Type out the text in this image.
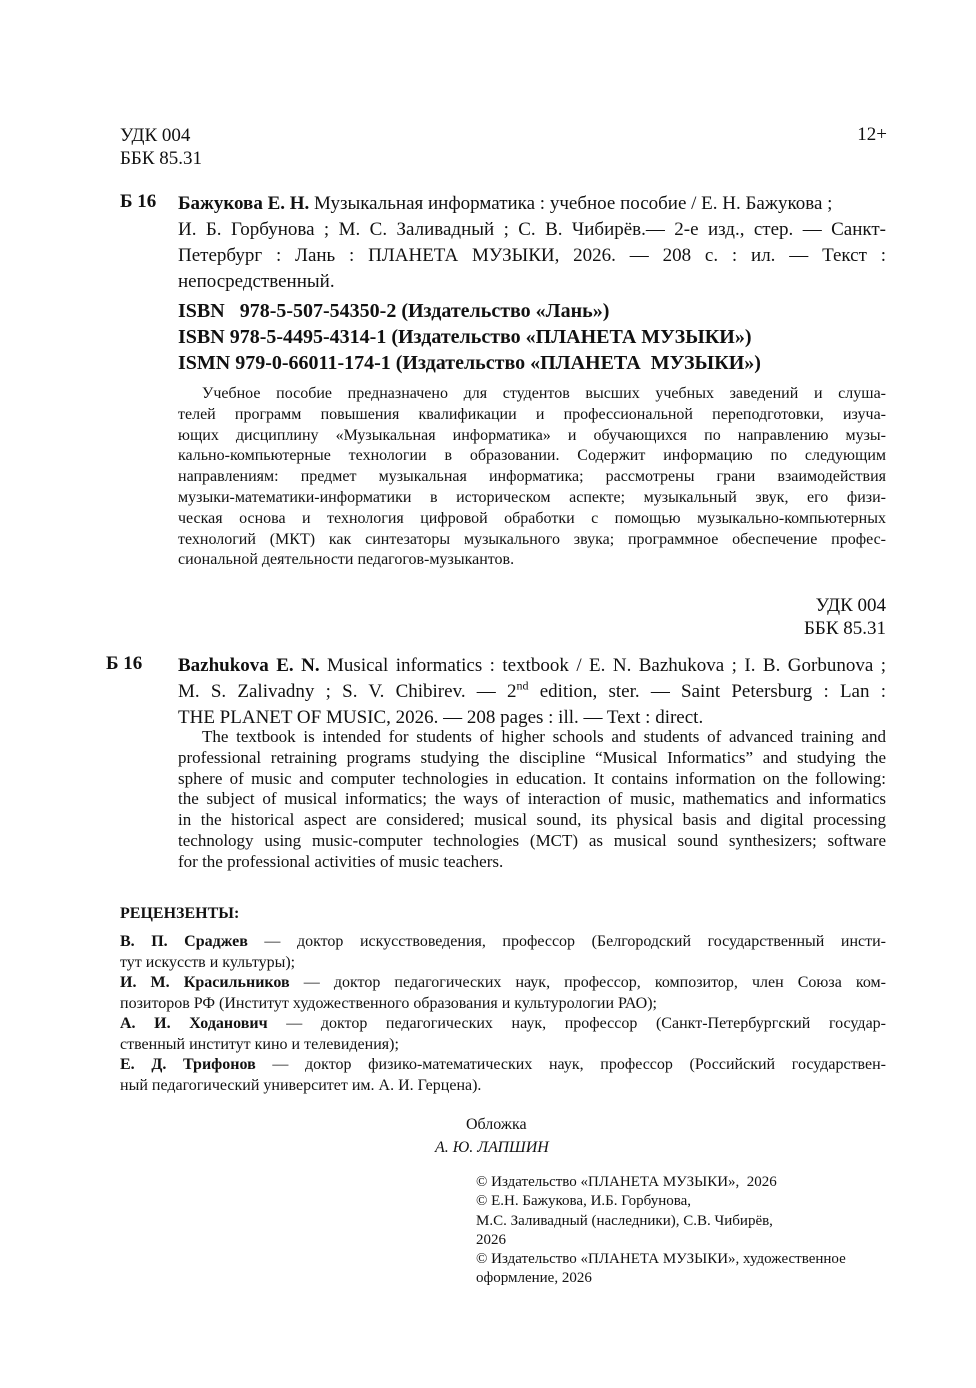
УДК 004
ББК 85.31
12+
Б 16 Бажукова Е. Н. Музыкальная информатика : учебное пособие / Е. Н. Бажукова ;
И. Б. Горбунова ; М. С. Заливадный ; С. В. Чибирёв.— 2-е изд., стер. — Санкт-
Петербург : Лань : ПЛАНЕТА МУЗЫКИ, 2026. — 208 с. : ил. — Текст :
непосредственный.
ISBN   978-5-507-54350-2 (Издательство «Лань»)
ISBN 978-5-4495-4314-1 (Издательство «ПЛАНЕТА МУЗЫКИ»)
ISMN 979-0-66011-174-1 (Издательство «ПЛАНЕТА  МУЗЫКИ»)
Учебное пособие предназначено для студентов высших учебных заведений и слуша-
телей программ повышения квалификации и профессиональной переподготовки, изуча-
ющих дисциплину «Музыкальная информатика» и обучающихся по направлению музы-
кально-компьютерные технологии в образовании. Содержит информацию по следующим
направлениям: предмет музыкальная информатика; рассмотрены грани взаимодействия
музыки-математики-информатики в историческом аспекте; музыкальный звук, его физи-
ческая основа и технология цифровой обработки с помощью музыкально-компьютерных
технологий (МКТ) как синтезаторы музыкального звука; программное обеспечение профес-
сиональной деятельности педагогов-музыкантов.
УДК 004
ББК 85.31
Б 16 Bazhukova E. N. Musical informatics : textbook / E. N. Bazhukova ; I. B. Gorbunova ;
M. S. Zalivadny ; S. V. Chibirev. — 2nd edition, ster. — Saint Petersburg : Lan :
THE PLANET OF MUSIC, 2026. — 208 pages : ill. — Text : direct.
The textbook is intended for students of higher schools and students of advanced training and
professional retraining programs studying the discipline “Musical Informatics” and studying the
sphere of music and computer technologies in education. It contains information on the following:
the subject of musical informatics; the ways of interaction of music, mathematics and informatics
in the historical aspect are considered; musical sound, its physical basis and digital processing
technology using music-computer technologies (MCT) as musical sound synthesizers; software
for the professional activities of music teachers.
РЕЦЕНЗЕНТЫ:
В. П. Сраджев — доктор искусствоведения, профессор (Белгородский государственный инсти-
тут искусств и культуры);
И. М. Красильников — доктор педагогических наук, профессор, композитор, член Союза ком-
позиторов РФ (Институт художественного образования и культурологии РАО);
А. И. Ходанович — доктор педагогических наук, профессор (Санкт-Петербургский государ-
ственный институт кино и телевидения);
Е. Д. Трифонов — доктор физико-математических наук, профессор (Российский государствен-
ный педагогический университет им. А. И. Герцена).
Обложка
А. Ю. ЛАПШИН
© Издательство «ПЛАНЕТА МУЗЫКИ»,  2026
© Е.Н. Бажукова, И.Б. Горбунова,
М.С. Заливадный (наследники), С.В. Чибирёв,
2026
© Издательство «ПЛАНЕТА МУЗЫКИ», художественное
оформление, 2026
